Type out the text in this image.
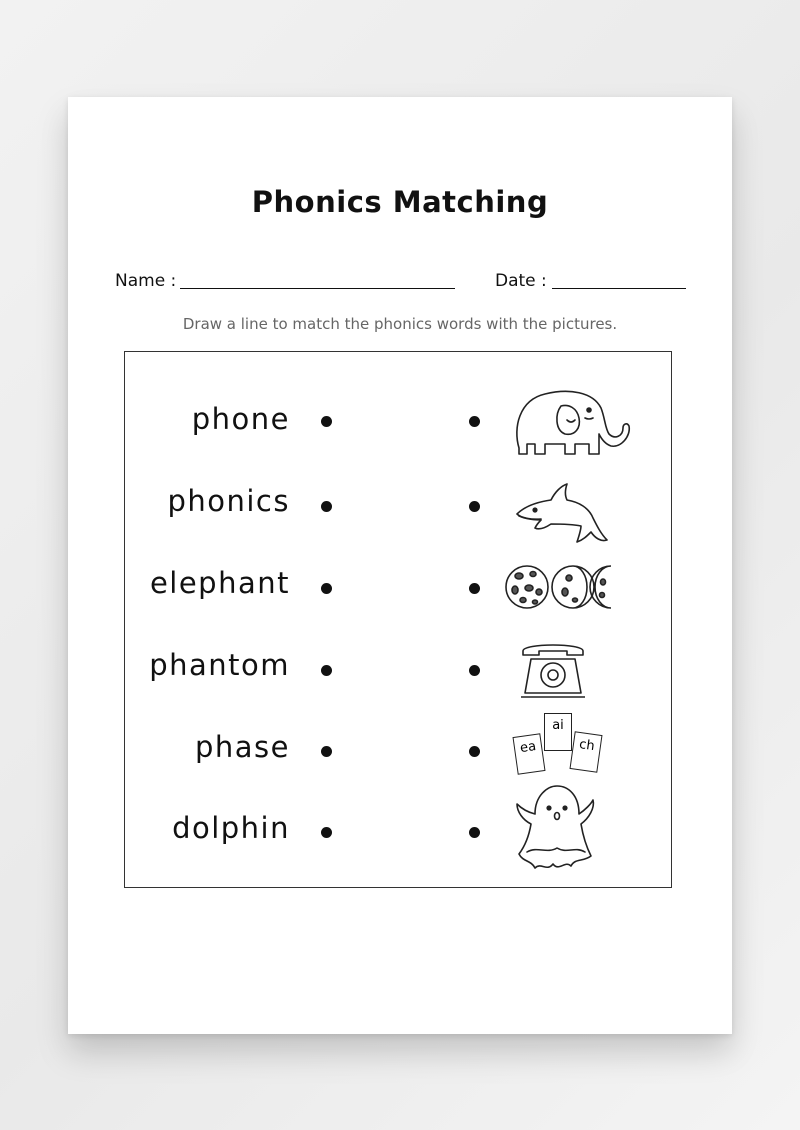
Phonics Matching
Name :	Date :
Draw a line to match the phonics words with the pictures.
phone
phonics
elephant
phantom
phase	ea
ai
ch
dolphin
